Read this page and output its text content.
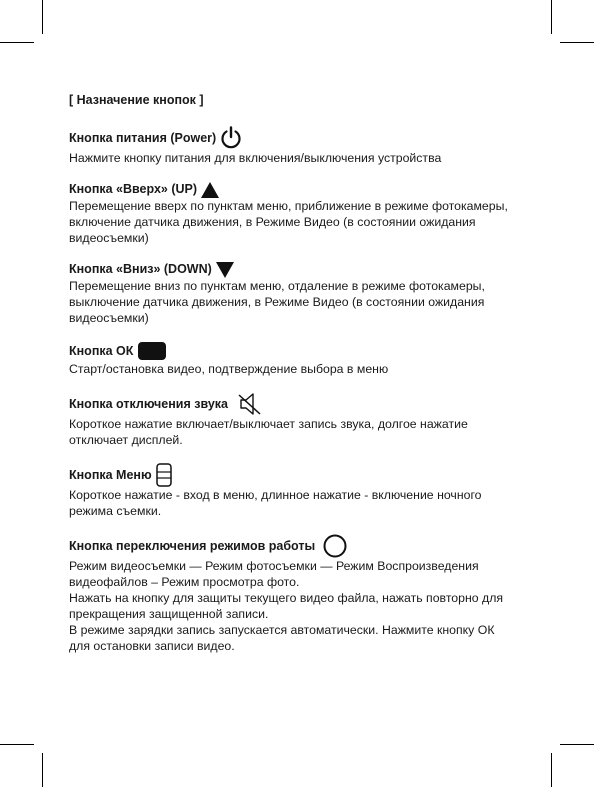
[ Назначение кнопок ]
Кнопка питания (Power)

Нажмите кнопку питания для включения/выключения устройства

Кнопка «Вверх» (UP)

Перемещение вверх по пунктам меню, приближение в режиме фотокамеры,

включение датчика движения, в Режиме Видео (в состоянии ожидания

видеосъемки)

Кнопка «Вниз» (DOWN)

Перемещение вниз по пунктам меню, отдаление в режиме фотокамеры,

выключение датчика движения, в Режиме Видео (в состоянии ожидания

видеосъемки)

Кнопка ОК

Старт/остановка видео, подтверждение выбора в меню

Кнопка отключения звука

Короткое нажатие включает/выключает запись звука, долгое нажатие

отключает дисплей.

Кнопка Меню

Короткое нажатие - вход в меню, длинное нажатие - включение ночного

режима съемки.

Кнопка переключения режимов работы

Режим видеосъемки — Режим фотосъемки — Режим Воспроизведения

видеофайлов – Режим просмотра фото.

Нажать на кнопку для защиты текущего видео файла, нажать повторно для

прекращения защищенной записи.

В режиме зарядки запись запускается автоматически. Нажмите кнопку ОК

для остановки записи видео.
